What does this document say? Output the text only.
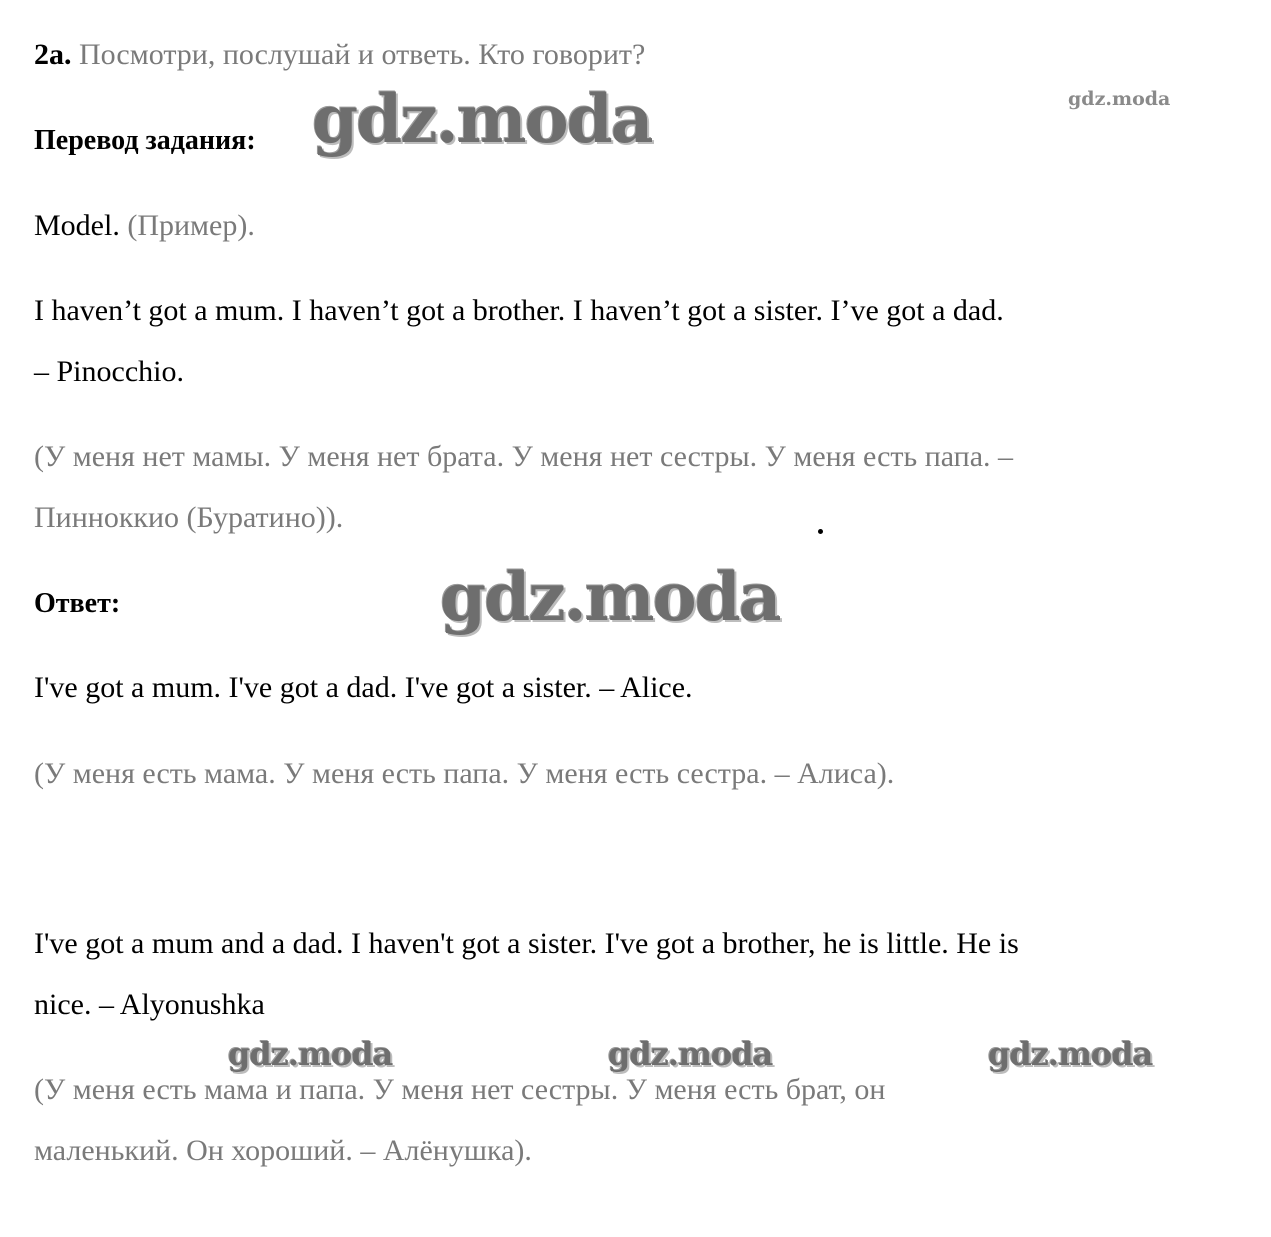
2a. Посмотри, послушай и ответь. Кто говорит?
Перевод задания:
Model. (Пример).
I haven’t got a mum. I haven’t got a brother. I haven’t got a sister. I’ve got a dad.
– Pinocchio.
(У меня нет мамы. У меня нет брата. У меня нет сестры. У меня есть папа. –
Пинноккио (Буратино)).
Ответ:
I've got a mum. I've got a dad. I've got a sister. – Alice.
(У меня есть мама. У меня есть папа. У меня есть сестра. – Алиса).
I've got a mum and a dad. I haven't got a sister. I've got a brother, he is little. He is
nice. – Alyonushka
(У меня есть мама и папа. У меня нет сестры. У меня есть брат, он
маленький. Он хороший. – Алёнушка).
gdz.moda	gdz.moda
gdz.moda
gdz.moda	gdz.moda	gdz.moda
